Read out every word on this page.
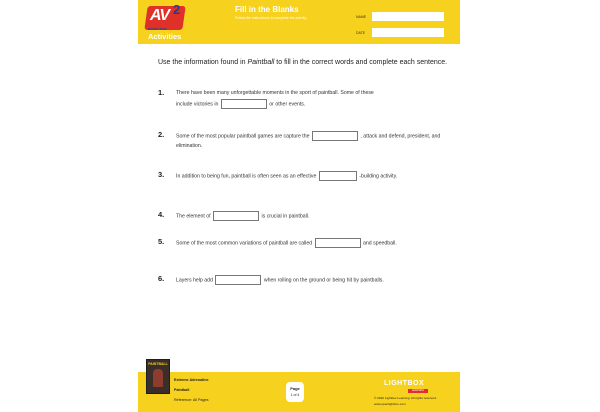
AV 2
NONFICTION
Activities
Fill in the Blanks
Follow the instructions to complete the activity.	NAME
DATE
Use the information found in Paintball to fill in the correct words and complete each sentence.
1. There have been many unforgettable moments in the sport of paintball. Some of these include victories in	or other events.
2. Some of the most popular paintball games are capture the	, attack and defend, president, and elimination.
3. In addition to being fun, paintball is often seen as an effective	-building activity.
4. The element of	is crucial in paintball.
5. Some of the most common variations of paintball are called	and speedball.
6. Layers help add	when rolling on the ground or being hit by paintballs.
PAINTBALL
Extreme Adrenaline
Paintball
Reference: All Pages
Page
1 of 4
LIGHTBOX
LEARNING
© 2022 Lightbox Learning. All rights reserved.
www.openlightbox.com
